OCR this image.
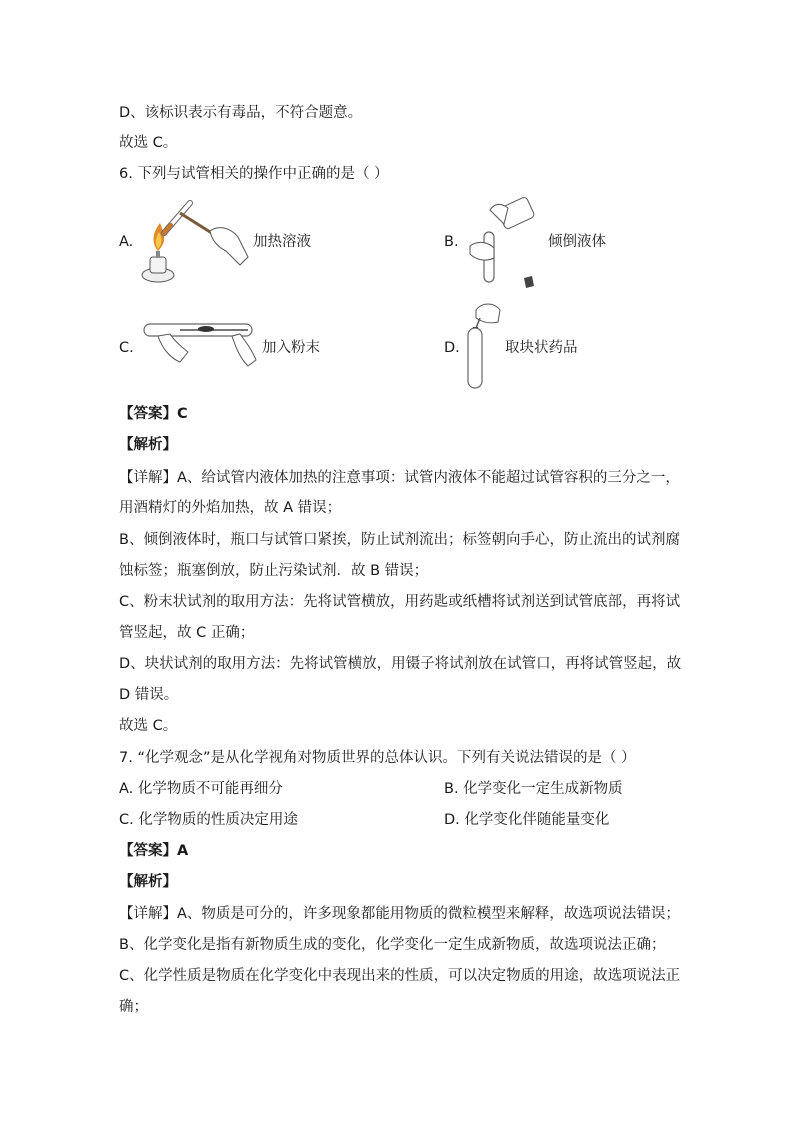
D、该标识表示有毒品，不符合题意。
故选 C。
6. 下列与试管相关的操作中正确的是（ ）
A.	加热溶液	B.	倾倒液体
C.	加入粉末	D.	取块状药品
【答案】C
【解析】
【详解】A、给试管内液体加热的注意事项：试管内液体不能超过试管容积的三分之一，
用酒精灯的外焰加热，故 A 错误；
B、倾倒液体时，瓶口与试管口紧挨，防止试剂流出；标签朝向手心，防止流出的试剂腐
蚀标签；瓶塞倒放，防止污染试剂．故 B 错误；
C、粉末状试剂的取用方法：先将试管横放，用药匙或纸槽将试剂送到试管底部，再将试
管竖起，故 C 正确；
D、块状试剂的取用方法：先将试管横放，用镊子将试剂放在试管口，再将试管竖起，故
D 错误。
故选 C。
7. “化学观念”是从化学视角对物质世界的总体认识。下列有关说法错误的是（ ）
A. 化学物质不可能再细分	B. 化学变化一定生成新物质
C. 化学物质的性质决定用途	D. 化学变化伴随能量变化
【答案】A
【解析】
【详解】A、物质是可分的，许多现象都能用物质的微粒模型来解释，故选项说法错误；
B、化学变化是指有新物质生成的变化，化学变化一定生成新物质，故选项说法正确；
C、化学性质是物质在化学变化中表现出来的性质，可以决定物质的用途，故选项说法正
确；
